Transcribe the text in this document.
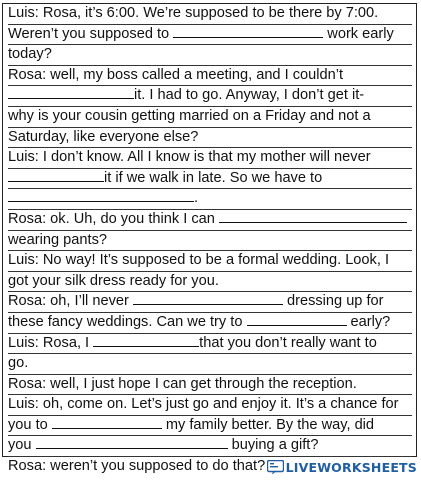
Luis: Rosa, it’s 6:00. We’re supposed to be there by 7:00.
Weren’t you supposed to	work early
today?
Rosa: well, my boss called a meeting, and I couldn’t
it. I had to go. Anyway, I don’t get it-
why is your cousin getting married on a Friday and not a
Saturday, like everyone else?
Luis: I don’t know. All I know is that my mother will never
it if we walk in late. So we have to
.
Rosa: ok. Uh, do you think I can
wearing pants?
Luis: No way! It’s supposed to be a formal wedding. Look, I
got your silk dress ready for you.
Rosa: oh, I’ll never	dressing up for
these fancy weddings. Can we try to	early?
Luis: Rosa, I	that you don’t really want to
go.
Rosa: well, I just hope I can get through the reception.
Luis: oh, come on. Let’s just go and enjoy it. It’s a chance for
you to	my family better. By the way, did
you	buying a gift?
Rosa: weren’t you supposed to do that?	LIVEWORKSHEETS
